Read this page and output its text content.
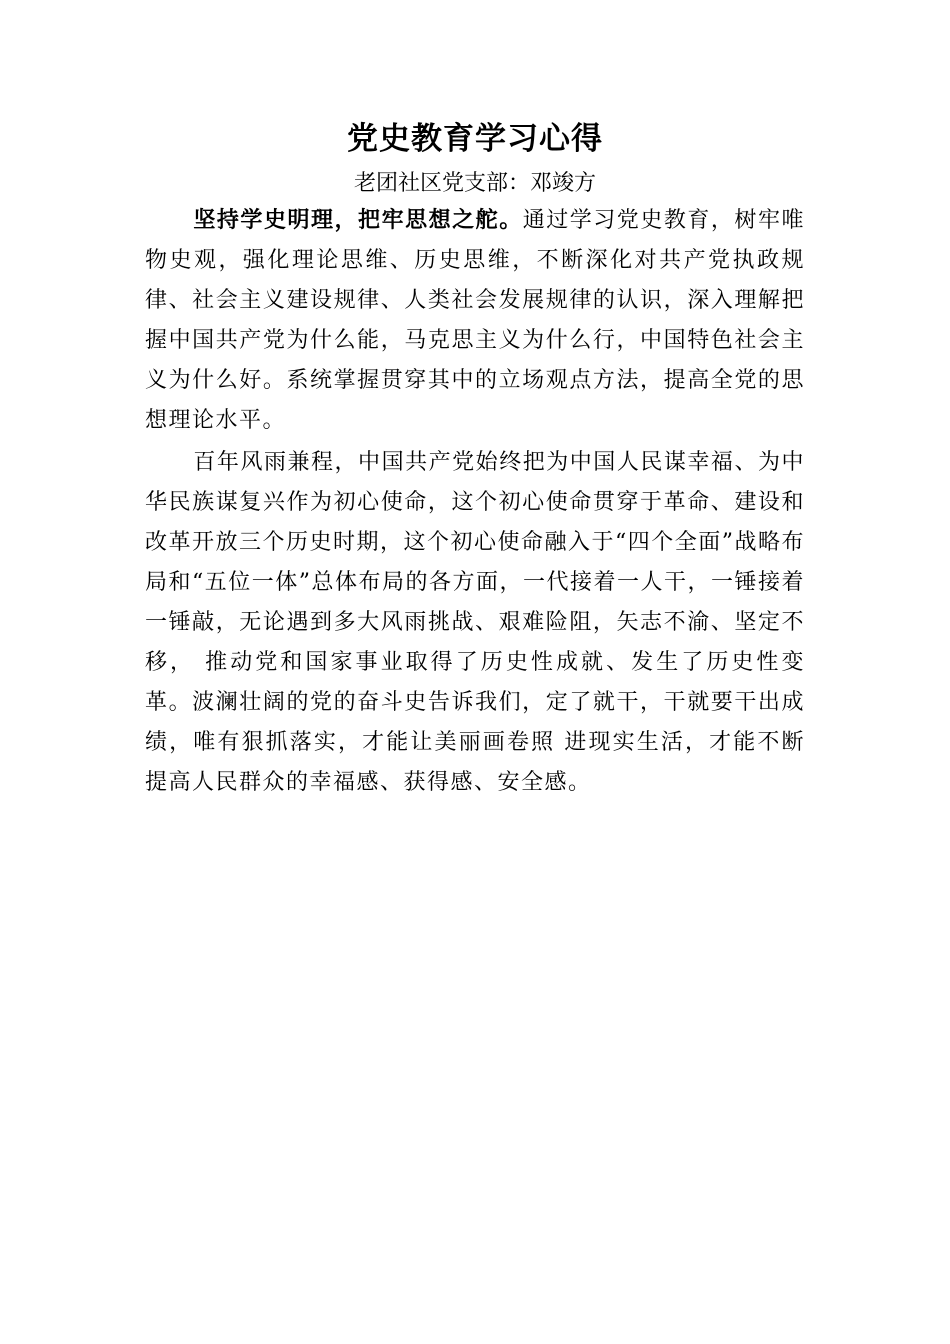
党史教育学习心得
老团社区党支部：邓竣方

坚持学史明理，把牢思想之舵。通过学习党史教育，树牢唯物史观，强化理论思维、历史思维，不断深化对共产党执政规律、社会主义建设规律、人类社会发展规律的认识，深入理解把握中国共产党为什么能，马克思主义为什么行，中国特色社会主义为什么好。系统掌握贯穿其中的立场观点方法，提高全党的思想理论水平。

百年风雨兼程，中国共产党始终把为中国人民谋幸福、为中华民族谋复兴作为初心使命，这个初心使命贯穿于革命、建设和改革开放三个历史时期，这个初心使命融入于“四个全面”战略布局和“五位一体”总体布局的各方面，一代接着一人干，一锤接着一锤敲，无论遇到多大风雨挑战、艰难险阻，矢志不渝、坚定不移， 推动党和国家事业取得了历史性成就、发生了历史性变革。波澜壮阔的党的奋斗史告诉我们，定了就干，干就要干出成绩，唯有狠抓落实，才能让美丽画卷照 进现实生活，才能不断提高人民群众的幸福感、获得感、安全感。
